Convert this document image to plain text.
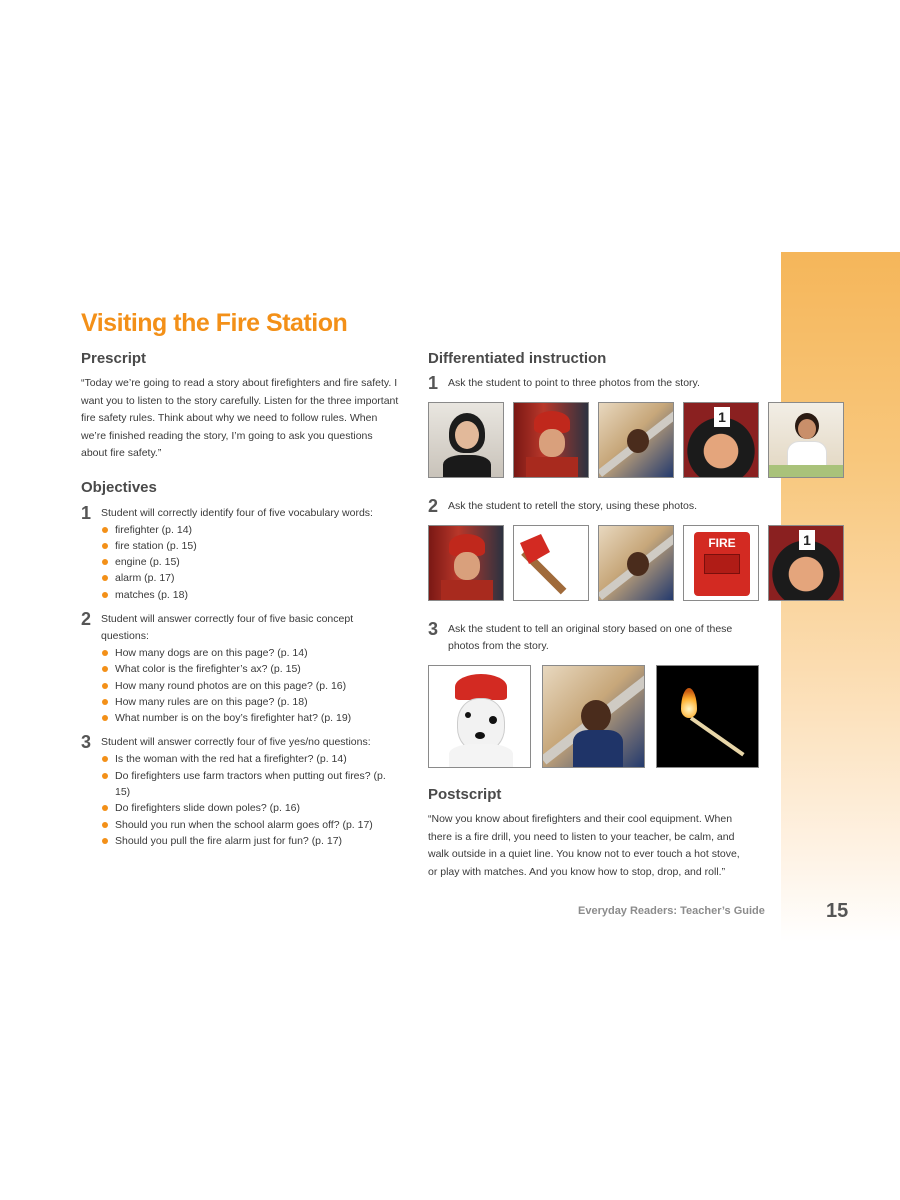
Visiting the Fire Station
Prescript

“Today we’re going to read a story about firefighters and fire safety. I want you to listen to the story carefully. Listen for the three important fire safety rules. Think about why we need to follow rules. When we’re finished reading the story, I’m going to ask you questions about fire safety.”

Objectives
1 Student will correctly identify four of five vocabulary words:
firefighter (p. 14)
fire station (p. 15)
engine (p. 15)
alarm (p. 17)
matches (p. 18)
2 Student will answer correctly four of five basic concept questions:
How many dogs are on this page? (p. 14)
What color is the firefighter’s ax? (p. 15)
How many round photos are on this page? (p. 16)
How many rules are on this page? (p. 18)
What number is on the boy’s firefighter hat? (p. 19)
3 Student will answer correctly four of five yes/no questions:
Is the woman with the red hat a firefighter? (p. 14)
Do firefighters use farm tractors when putting out fires? (p. 15)
Do firefighters slide down poles? (p. 16)
Should you run when the school alarm goes off? (p. 17)
Should you pull the fire alarm just for fun? (p. 17)
Differentiated instruction
1 Ask the student to point to three photos from the story.
1
2 Ask the student to retell the story, using these photos.
FIRE	1
3 Ask the student to tell an original story based on one of these photos from the story.
Postscript

“Now you know about firefighters and their cool equipment. When there is a fire drill, you need to listen to your teacher, be calm, and walk outside in a quiet line. You know not to ever touch a hot stove, or play with matches. And you know how to stop, drop, and roll.”

Everyday Readers: Teacher’s Guide	15
